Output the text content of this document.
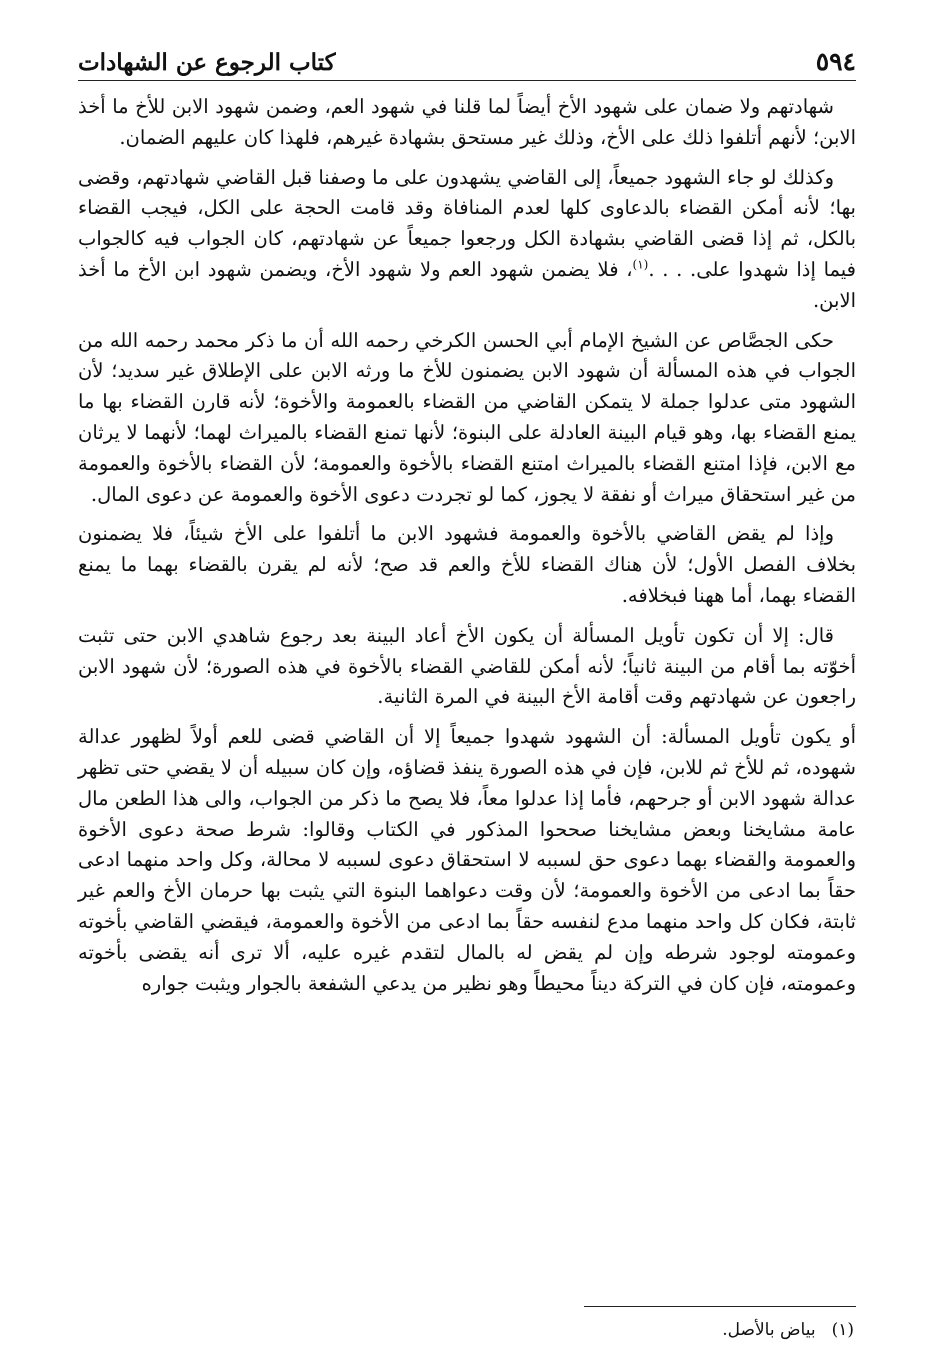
٥٩٤
كتاب الرجوع عن الشهادات

شهادتهم ولا ضمان على شهود الأخ أيضاً لما قلنا في شهود العم، وضمن شهود الابن للأخ ما أخذ الابن؛ لأنهم أتلفوا ذلك على الأخ، وذلك غير مستحق بشهادة غيرهم، فلهذا كان عليهم الضمان.

وكذلك لو جاء الشهود جميعاً، إلى القاضي يشهدون على ما وصفنا قبل القاضي شهادتهم، وقضى بها؛ لأنه أمكن القضاء بالدعاوى كلها لعدم المنافاة وقد قامت الحجة على الكل، فيجب القضاء بالكل، ثم إذا قضى القاضي بشهادة الكل ورجعوا جميعاً عن شهادتهم، كان الجواب فيه كالجواب فيما إذا شهدوا على. . . .$^{(١)}$، فلا يضمن شهود العم ولا شهود الأخ، ويضمن شهود ابن الأخ ما أخذ الابن.

حكى الجصَّاص عن الشيخ الإمام أبي الحسن الكرخي رحمه الله أن ما ذكر محمد رحمه الله من الجواب في هذه المسألة أن شهود الابن يضمنون للأخ ما ورثه الابن على الإطلاق غير سديد؛ لأن الشهود متى عدلوا جملة لا يتمكن القاضي من القضاء بالعمومة والأخوة؛ لأنه قارن القضاء بها ما يمنع القضاء بها، وهو قيام البينة العادلة على البنوة؛ لأنها تمنع القضاء بالميراث لهما؛ لأنهما لا يرثان مع الابن، فإذا امتنع القضاء بالميراث امتنع القضاء بالأخوة والعمومة؛ لأن القضاء بالأخوة والعمومة من غير استحقاق ميراث أو نفقة لا يجوز، كما لو تجردت دعوى الأخوة والعمومة عن دعوى المال.

وإذا لم يقض القاضي بالأخوة والعمومة فشهود الابن ما أتلفوا على الأخ شيئاً، فلا يضمنون بخلاف الفصل الأول؛ لأن هناك القضاء للأخ والعم قد صح؛ لأنه لم يقرن بالقضاء بهما ما يمنع القضاء بهما، أما ههنا فبخلافه.

قال: إلا أن تكون تأويل المسألة أن يكون الأخ أعاد البينة بعد رجوع شاهدي الابن حتى تثبت أخوّته بما أقام من البينة ثانياً؛ لأنه أمكن للقاضي القضاء بالأخوة في هذه الصورة؛ لأن شهود الابن راجعون عن شهادتهم وقت أقامة الأخ البينة في المرة الثانية.

أو يكون تأويل المسألة: أن الشهود شهدوا جميعاً إلا أن القاضي قضى للعم أولاً لظهور عدالة شهوده، ثم للأخ ثم للابن، فإن في هذه الصورة ينفذ قضاؤه، وإن كان سبيله أن لا يقضي حتى تظهر عدالة شهود الابن أو جرحهم، فأما إذا عدلوا معاً، فلا يصح ما ذكر من الجواب، والى هذا الطعن مال عامة مشايخنا وبعض مشايخنا صححوا المذكور في الكتاب وقالوا: شرط صحة دعوى الأخوة والعمومة والقضاء بهما دعوى حق لسببه لا استحقاق دعوى لسببه لا محالة، وكل واحد منهما ادعى حقاً بما ادعى من الأخوة والعمومة؛ لأن وقت دعواهما البنوة التي يثبت بها حرمان الأخ والعم غير ثابتة، فكان كل واحد منهما مدع لنفسه حقاً بما ادعى من الأخوة والعمومة، فيقضي القاضي بأخوته وعمومته لوجود شرطه وإن لم يقض له بالمال لتقدم غيره عليه، ألا ترى أنه يقضى بأخوته وعمومته، فإن كان في التركة ديناً محيطاً وهو نظير من يدعي الشفعة بالجوار ويثبت جواره

(١)بياض بالأصل.
